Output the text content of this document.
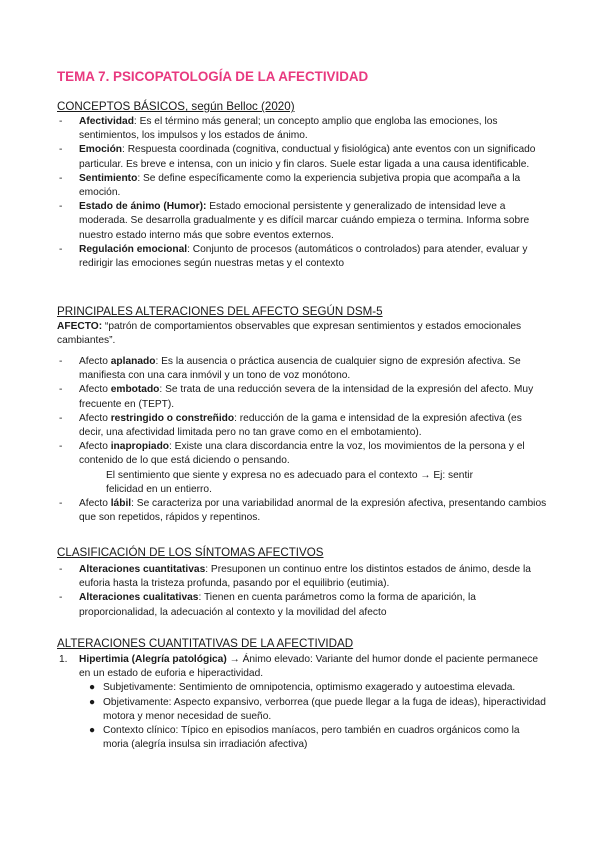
TEMA 7. PSICOPATOLOGÍA DE LA AFECTIVIDAD
CONCEPTOS BÁSICOS, según Belloc (2020)
- Afectividad: Es el término más general; un concepto amplio que engloba las emociones, los sentimientos, los impulsos y los estados de ánimo.
- Emoción: Respuesta coordinada (cognitiva, conductual y fisiológica) ante eventos con un significado particular. Es breve e intensa, con un inicio y fin claros. Suele estar ligada a una causa identificable.
- Sentimiento: Se define específicamente como la experiencia subjetiva propia que acompaña a la emoción.
- Estado de ánimo (Humor): Estado emocional persistente y generalizado de intensidad leve a moderada. Se desarrolla gradualmente y es difícil marcar cuándo empieza o termina. Informa sobre nuestro estado interno más que sobre eventos externos.
- Regulación emocional: Conjunto de procesos (automáticos o controlados) para atender, evaluar y redirigir las emociones según nuestras metas y el contexto
PRINCIPALES ALTERACIONES DEL AFECTO SEGÚN DSM-5
AFECTO: “patrón de comportamientos observables que expresan sentimientos y estados emocionales cambiantes”.
- Afecto aplanado: Es la ausencia o práctica ausencia de cualquier signo de expresión afectiva. Se manifiesta con una cara inmóvil y un tono de voz monótono.
- Afecto embotado: Se trata de una reducción severa de la intensidad de la expresión del afecto. Muy frecuente en (TEPT).
- Afecto restringido o constreñido: reducción de la gama e intensidad de la expresión afectiva (es decir, una afectividad limitada pero no tan grave como en el embotamiento).
- Afecto inapropiado: Existe una clara discordancia entre la voz, los movimientos de la persona y el contenido de lo que está diciendo o pensando.
El sentimiento que siente y expresa no es adecuado para el contexto → Ej: sentir felicidad en un entierro.
- Afecto lábil: Se caracteriza por una variabilidad anormal de la expresión afectiva, presentando cambios que son repetidos, rápidos y repentinos.
CLASIFICACIÓN DE LOS SÍNTOMAS AFECTIVOS
- Alteraciones cuantitativas: Presuponen un continuo entre los distintos estados de ánimo, desde la euforia hasta la tristeza profunda, pasando por el equilibrio (eutimia).
- Alteraciones cualitativas: Tienen en cuenta parámetros como la forma de aparición, la proporcionalidad, la adecuación al contexto y la movilidad del afecto
ALTERACIONES CUANTITATIVAS DE LA AFECTIVIDAD
1. Hipertimia (Alegría patológica) → Ánimo elevado: Variante del humor donde el paciente permanece en un estado de euforia e hiperactividad.
● Subjetivamente: Sentimiento de omnipotencia, optimismo exagerado y autoestima elevada.
● Objetivamente: Aspecto expansivo, verborrea (que puede llegar a la fuga de ideas), hiperactividad motora y menor necesidad de sueño.
● Contexto clínico: Típico en episodios maníacos, pero también en cuadros orgánicos como la moria (alegría insulsa sin irradiación afectiva)
